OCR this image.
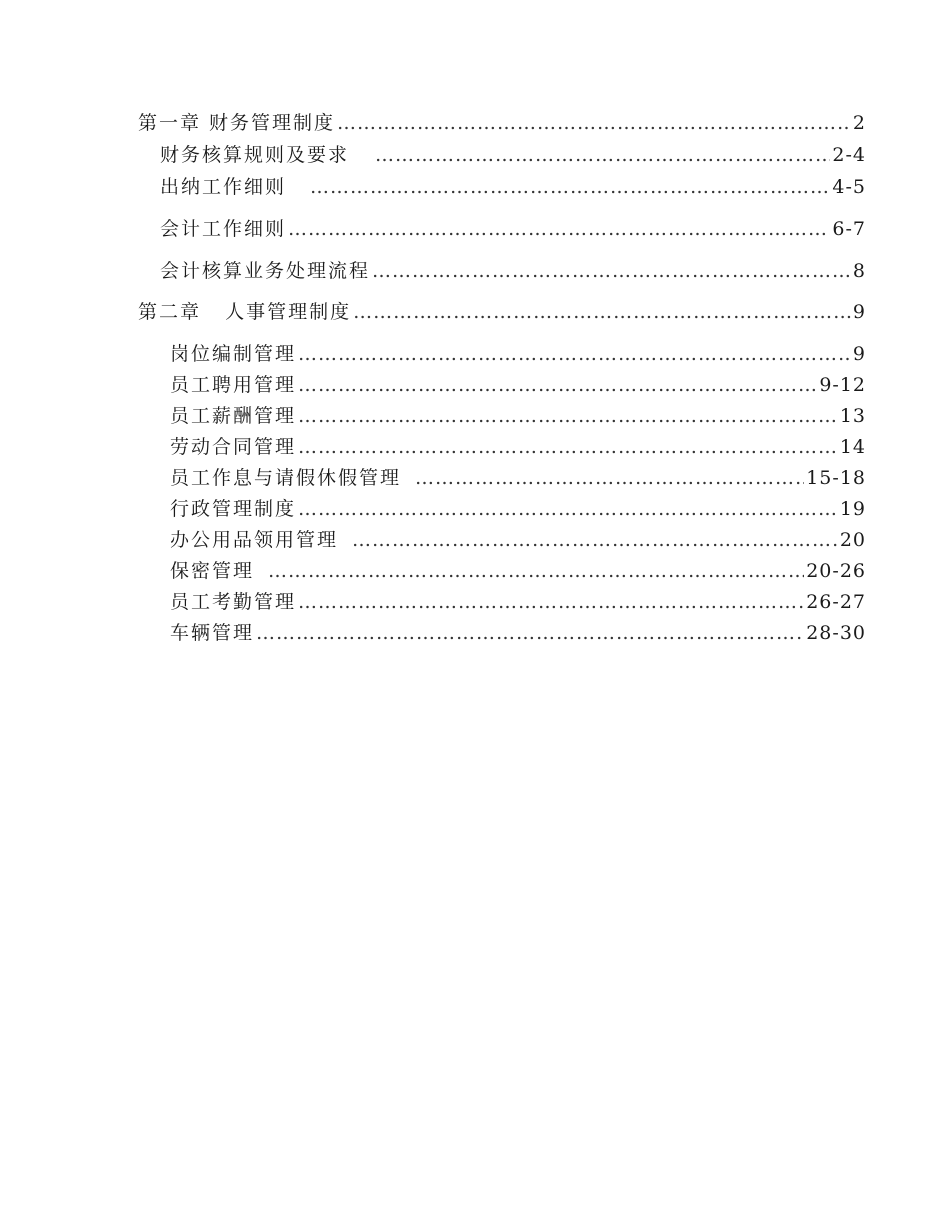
第一章 财务管理制度 …………………………………………………………………………………………………………………………………………………………………………………………	2
财务核算规则及要求 …………………………………………………………………………………………………………………………………………………………………………………………	2-4
出纳工作细则 …………………………………………………………………………………………………………………………………………………………………………………………	4-5
会计工作细则 …………………………………………………………………………………………………………………………………………………………………………………………	6-7
会计核算业务处理流程 …………………………………………………………………………………………………………………………………………………………………………………………	8
第二章   人事管理制度 …………………………………………………………………………………………………………………………………………………………………………………………	9
岗位编制管理 …………………………………………………………………………………………………………………………………………………………………………………………	9
员工聘用管理 …………………………………………………………………………………………………………………………………………………………………………………………	9-12
员工薪酬管理 …………………………………………………………………………………………………………………………………………………………………………………………	13
劳动合同管理 …………………………………………………………………………………………………………………………………………………………………………………………	14
员工作息与请假休假管理 …………………………………………………………………………………………………………………………………………………………………………………………	15-18
行政管理制度 …………………………………………………………………………………………………………………………………………………………………………………………	19
办公用品领用管理 …………………………………………………………………………………………………………………………………………………………………………………………	20
保密管理 …………………………………………………………………………………………………………………………………………………………………………………………	20-26
员工考勤管理 …………………………………………………………………………………………………………………………………………………………………………………………	26-27
车辆管理 …………………………………………………………………………………………………………………………………………………………………………………………	28-30
